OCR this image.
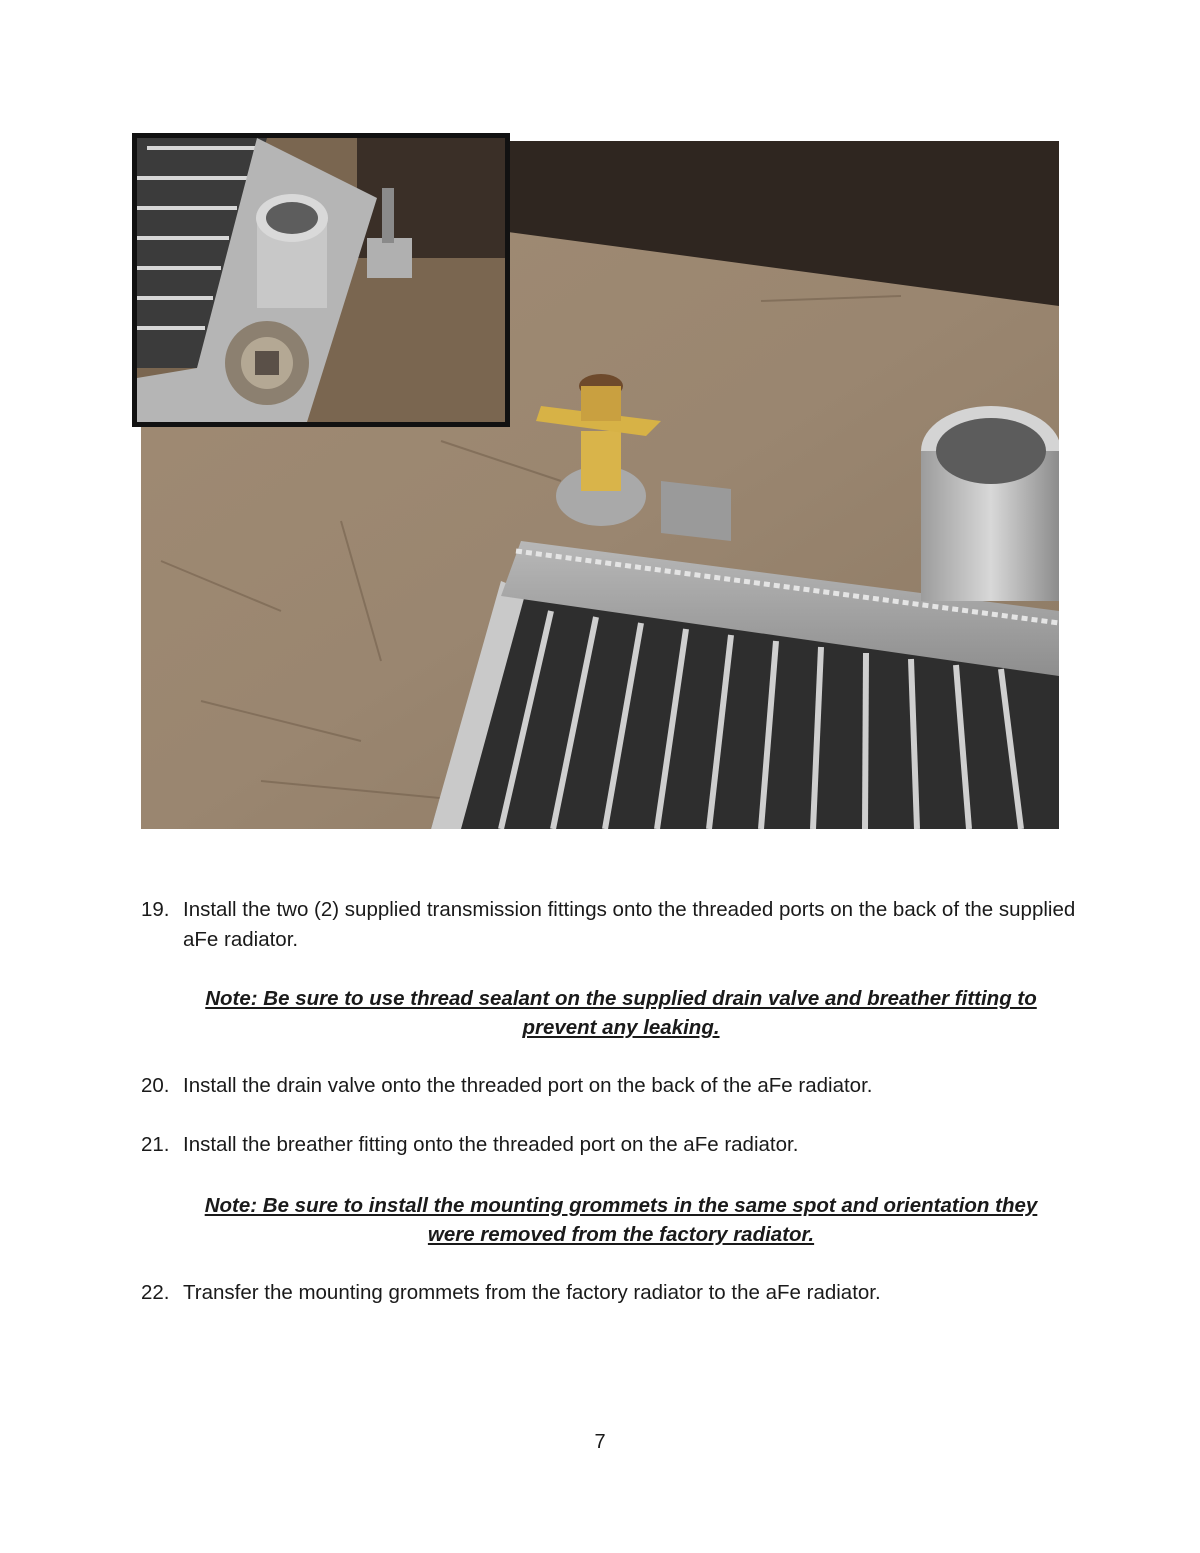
19. Install the two (2) supplied transmission fittings onto the threaded ports on the back of the supplied aFe radiator.
Note: Be sure to use thread sealant on the supplied drain valve and breather fitting to prevent any leaking.
20. Install the drain valve onto the threaded port on the back of the aFe radiator.
21. Install the breather fitting onto the threaded port on the aFe radiator.
Note: Be sure to install the mounting grommets in the same spot and orientation they were removed from the factory radiator.
22. Transfer the mounting grommets from the factory radiator to the aFe radiator.
7
